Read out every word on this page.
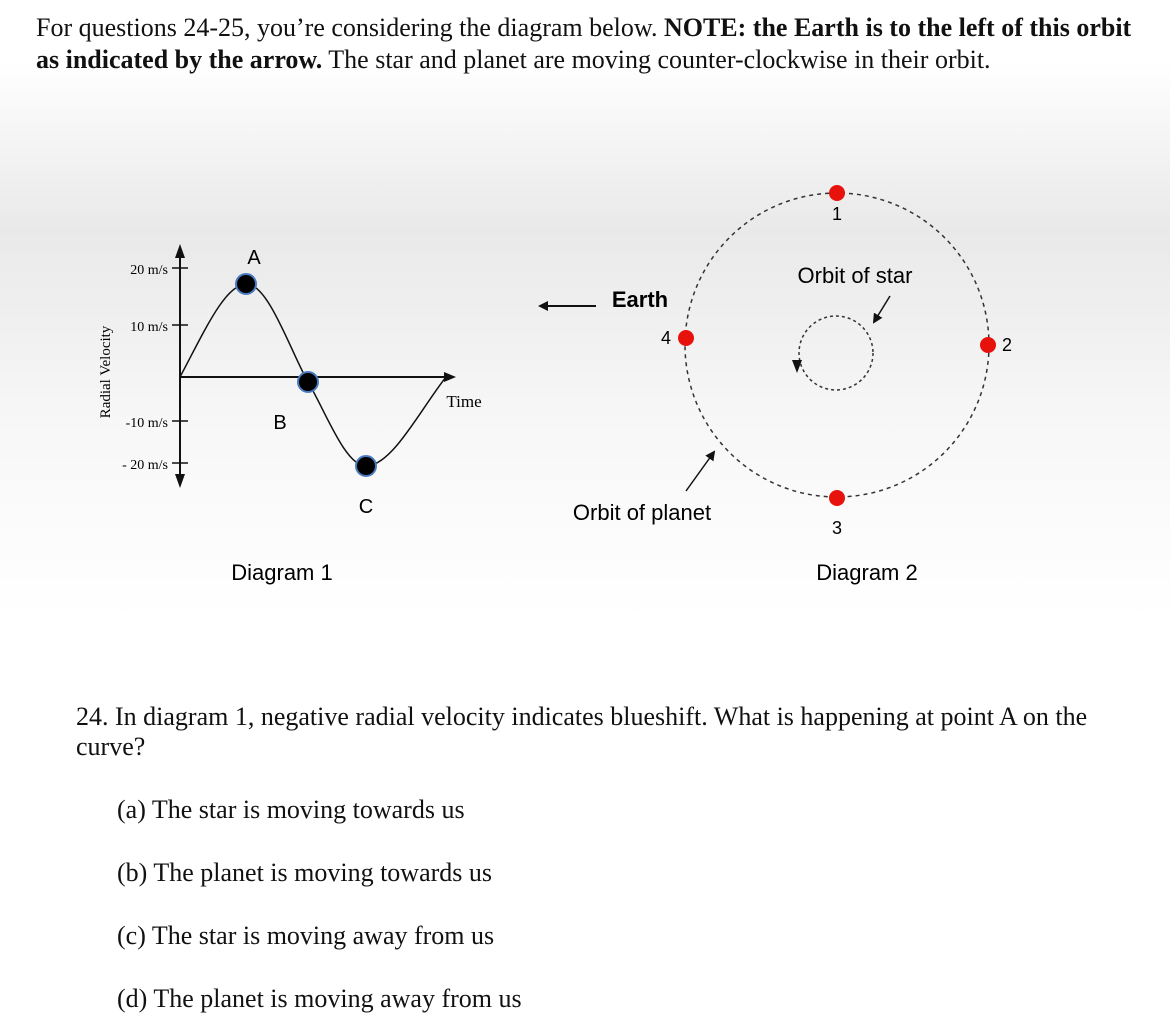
For questions 24-25, you’re considering the diagram below. NOTE: the Earth is to the left of this orbit as indicated by the arrow. The star and planet are moving counter-clockwise in their orbit.

20 m/s
10 m/s
-10 m/s
- 20 m/s
Radial Velocity	Time
A
B
C
Diagram 1
1
2
3
4
Earth
Orbit of star
Orbit of planet
Diagram 2

24. In diagram 1, negative radial velocity indicates blueshift. What is happening at point A on the curve?

(a) The star is moving towards us

(b) The planet is moving towards us

(c) The star is moving away from us

(d) The planet is moving away from us
